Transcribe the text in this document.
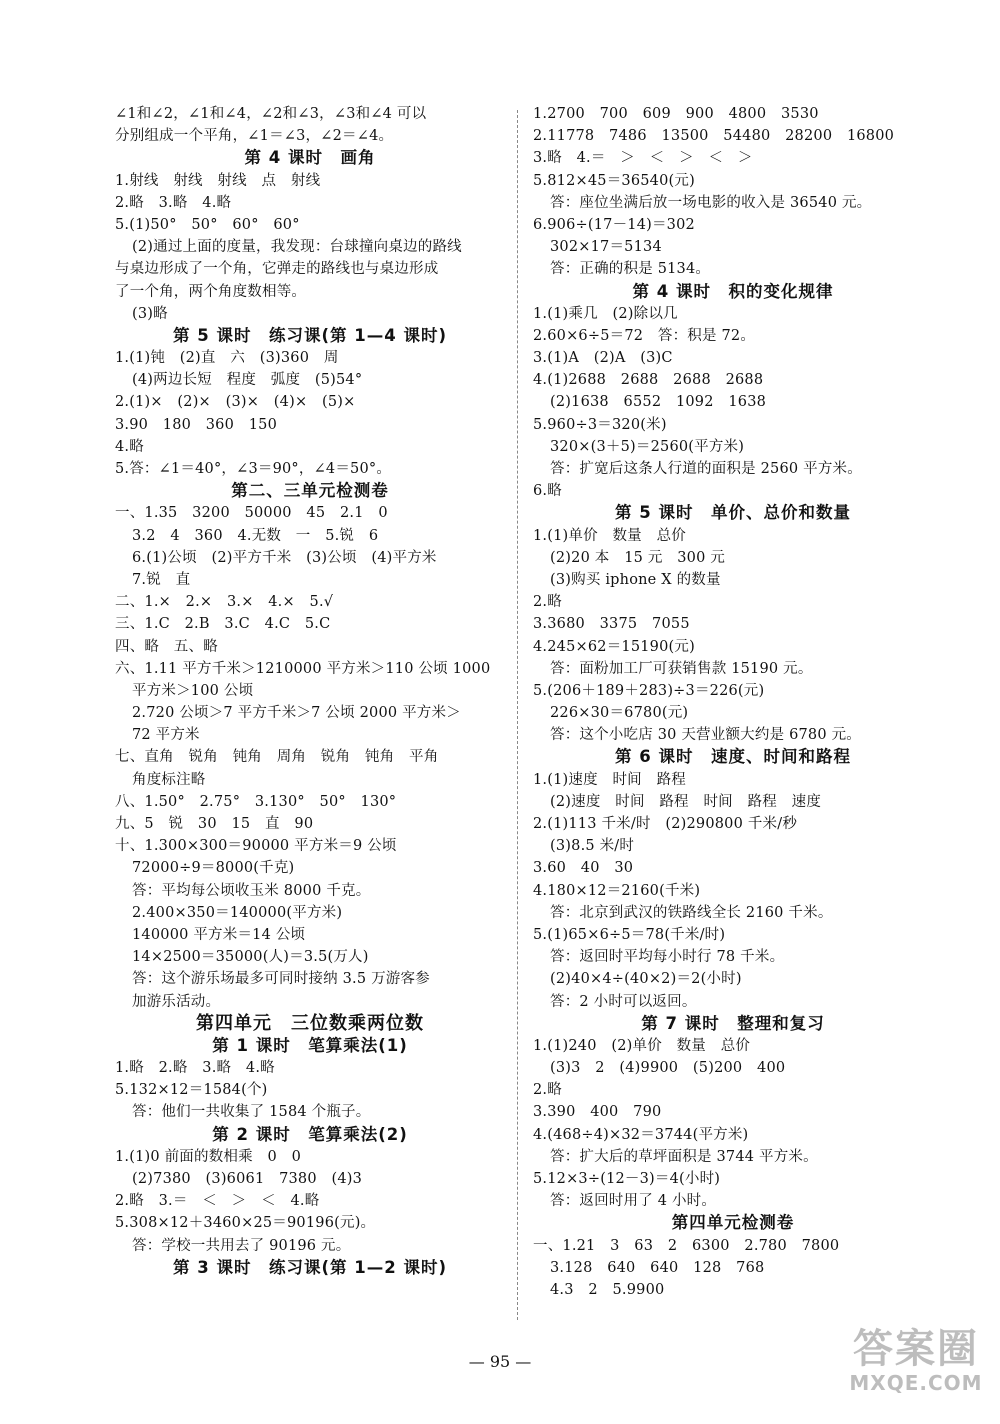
∠1和∠2，∠1和∠4，∠2和∠3，∠3和∠4 可以
分别组成一个平角，∠1＝∠3，∠2＝∠4。
第 4 课时　画角
1.射线　射线　射线　点　射线
2.略　3.略　4.略
5.(1)50°　50°　60°　60°
(2)通过上面的度量，我发现：台球撞向桌边的路线
与桌边形成了一个角，它弹走的路线也与桌边形成
了一个角，两个角度数相等。
(3)略
第 5 课时　练习课(第 1—4 课时)
1.(1)钝　(2)直　六　(3)360　周
(4)两边长短　程度　弧度　(5)54°
2.(1)×　(2)×　(3)×　(4)×　(5)×
3.90　180　360　150
4.略
5.答：∠1＝40°，∠3＝90°，∠4＝50°。
第二、三单元检测卷
一、1.35　3200　50000　45　2.1　0
3.2　4　360　4.无数　一　5.锐　6
6.(1)公顷　(2)平方千米　(3)公顷　(4)平方米
7.锐　直
二、1.×　2.×　3.×　4.×　5.√
三、1.C　2.B　3.C　4.C　5.C
四、略　五、略
六、1.11 平方千米＞1210000 平方米＞110 公顷 1000
平方米＞100 公顷
2.720 公顷＞7 平方千米＞7 公顷 2000 平方米＞
72 平方米
七、直角　锐角　钝角　周角　锐角　钝角　平角
角度标注略
八、1.50°　2.75°　3.130°　50°　130°
九、5　锐　30　15　直　90
十、1.300×300＝90000 平方米＝9 公顷
72000÷9＝8000(千克)
答：平均每公顷收玉米 8000 千克。
2.400×350＝140000(平方米)
140000 平方米＝14 公顷
14×2500＝35000(人)＝3.5(万人)
答：这个游乐场最多可同时接纳 3.5 万游客参
加游乐活动。
第四单元　三位数乘两位数
第 1 课时　笔算乘法(1)
1.略　2.略　3.略　4.略
5.132×12＝1584(个)
答：他们一共收集了 1584 个瓶子。
第 2 课时　笔算乘法(2)
1.(1)0 前面的数相乘　0　0
(2)7380　(3)6061　7380　(4)3
2.略　3.＝　＜　＞　＜　4.略
5.308×12＋3460×25＝90196(元)。
答：学校一共用去了 90196 元。
第 3 课时　练习课(第 1—2 课时)
1.2700　700　609　900　4800　3530
2.11778　7486　13500　54480　28200　16800
3.略　4.＝　＞　＜　＞　＜　＞
5.812×45＝36540(元)
答：座位坐满后放一场电影的收入是 36540 元。
6.906÷(17－14)＝302
302×17＝5134
答：正确的积是 5134。
第 4 课时　积的变化规律
1.(1)乘几　(2)除以几
2.60×6÷5＝72　答：积是 72。
3.(1)A　(2)A　(3)C
4.(1)2688　2688　2688　2688
(2)1638　6552　1092　1638
5.960÷3＝320(米)
320×(3＋5)＝2560(平方米)
答：扩宽后这条人行道的面积是 2560 平方米。
6.略
第 5 课时　单价、总价和数量
1.(1)单价　数量　总价
(2)20 本　15 元　300 元
(3)购买 iphone X 的数量
2.略
3.3680　3375　7055
4.245×62＝15190(元)
答：面粉加工厂可获销售款 15190 元。
5.(206＋189＋283)÷3＝226(元)
226×30＝6780(元)
答：这个小吃店 30 天营业额大约是 6780 元。
第 6 课时　速度、时间和路程
1.(1)速度　时间　路程
(2)速度　时间　路程　时间　路程　速度
2.(1)113 千米/时　(2)290800 千米/秒
(3)8.5 米/时
3.60　40　30
4.180×12＝2160(千米)
答：北京到武汉的铁路线全长 2160 千米。
5.(1)65×6÷5＝78(千米/时)
答：返回时平均每小时行 78 千米。
(2)40×4÷(40×2)＝2(小时)
答：2 小时可以返回。
第 7 课时　整理和复习
1.(1)240　(2)单价　数量　总价
(3)3　2　(4)9900　(5)200　400
2.略
3.390　400　790
4.(468÷4)×32＝3744(平方米)
答：扩大后的草坪面积是 3744 平方米。
5.12×3÷(12－3)＝4(小时)
答：返回时用了 4 小时。
第四单元检测卷
一、1.21　3　63　2　6300　2.780　7800
3.128　640　640　128　768
4.3　2　5.9900
— 95 —	答案圈
MXQE.COM
